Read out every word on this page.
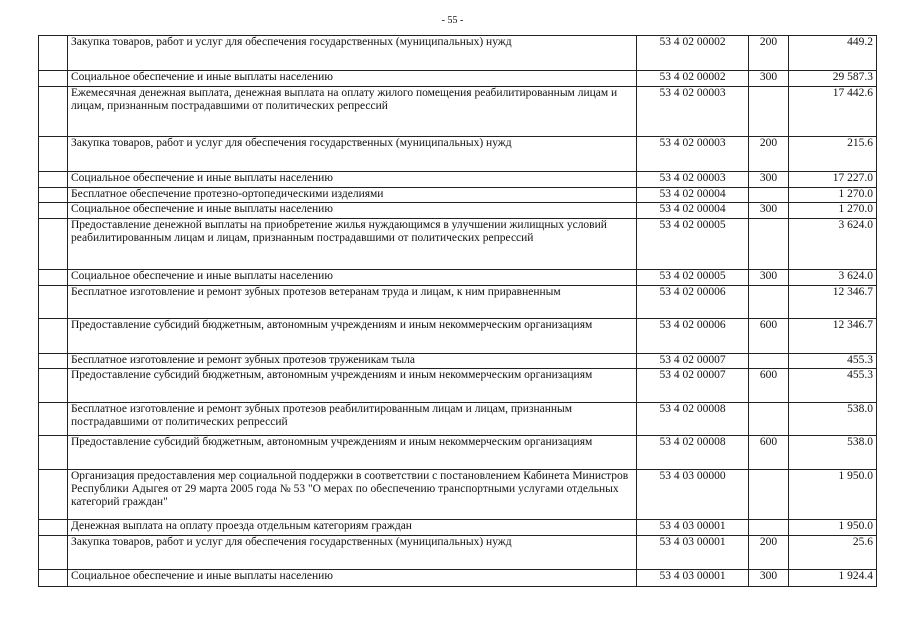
- 55 -
	Закупка товаров, работ и услуг для обеспечения государственных (муниципальных) нужд	53 4 02 00002	200	449.2
	Социальное обеспечение и иные выплаты населению	53 4 02 00002	300	29 587.3
	Ежемесячная денежная выплата, денежная выплата на оплату жилого помещения реабилитированным лицам и лицам, признанным пострадавшими от политических репрессий	53 4 02 00003		17 442.6
	Закупка товаров, работ и услуг для обеспечения государственных (муниципальных) нужд	53 4 02 00003	200	215.6
	Социальное обеспечение и иные выплаты населению	53 4 02 00003	300	17 227.0
	Бесплатное обеспечение протезно-ортопедическими изделиями	53 4 02 00004		1 270.0
	Социальное обеспечение и иные выплаты населению	53 4 02 00004	300	1 270.0
	Предоставление денежной выплаты на приобретение жилья нуждающимся в улучшении жилищных условий реабилитированным лицам и лицам, признанным пострадавшими от политических репрессий	53 4 02 00005		3 624.0
	Социальное обеспечение и иные выплаты населению	53 4 02 00005	300	3 624.0
	Бесплатное изготовление и ремонт зубных протезов ветеранам труда и лицам, к ним приравненным	53 4 02 00006		12 346.7
	Предоставление субсидий бюджетным, автономным учреждениям и иным некоммерческим организациям	53 4 02 00006	600	12 346.7
	Бесплатное изготовление и ремонт зубных протезов труженикам тыла	53 4 02 00007		455.3
	Предоставление субсидий бюджетным, автономным учреждениям и иным некоммерческим организациям	53 4 02 00007	600	455.3
	Бесплатное изготовление и ремонт зубных протезов реабилитированным лицам и лицам, признанным пострадавшими от политических репрессий	53 4 02 00008		538.0
	Предоставление субсидий бюджетным, автономным учреждениям и иным некоммерческим организациям	53 4 02 00008	600	538.0
	Организация предоставления мер социальной поддержки в соответствии с постановлением Кабинета Министров Республики Адыгея от 29 марта 2005 года № 53 "О мерах по обеспечению транспортными услугами отдельных категорий граждан"	53 4 03 00000		1 950.0
	Денежная выплата на оплату проезда отдельным категориям граждан	53 4 03 00001		1 950.0
	Закупка товаров, работ и услуг для обеспечения государственных (муниципальных) нужд	53 4 03 00001	200	25.6
	Социальное обеспечение и иные выплаты населению	53 4 03 00001	300	1 924.4
